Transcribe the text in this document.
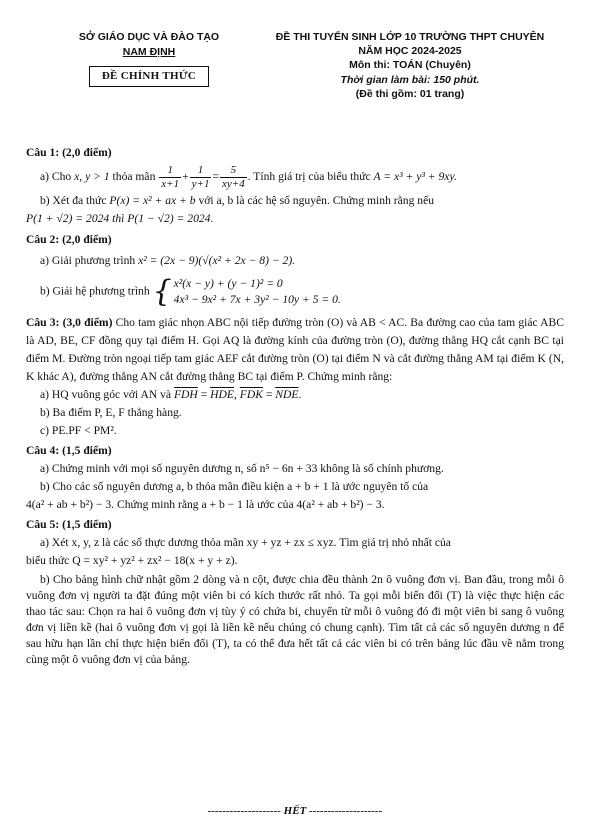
SỞ GIÁO DỤC VÀ ĐÀO TẠO
NAM ĐỊNH
ĐỀ CHÍNH THỨC
ĐỀ THI TUYỂN SINH LỚP 10 TRƯỜNG THPT CHUYÊN
NĂM HỌC 2024-2025
Môn thi: TOÁN (Chuyên)
Thời gian làm bài: 150 phút.
(Đề thi gồm: 01 trang)
Câu 1: (2,0 điểm)
a) Cho x, y > 1 thỏa mãn $\frac{1}{x+1} + \frac{1}{y+1} = \frac{5}{xy+4}$ . Tính giá trị của biểu thức A = x³ + y³ + 9xy.
b) Xét đa thức P(x) = x² + ax + b với a, b là các hệ số nguyên. Chứng minh rằng nếu
P(1 + √2) = 2024 thì P(1 − √2) = 2024.
Câu 2: (2,0 điểm)
a) Giải phương trình x² = (2x − 9)(√(x² + 2x − 8) − 2).
b) Giải hệ phương trình { x²(x − y) + (y − 1)² = 0
4x³ − 9x² + 7x + 3y² − 10y + 5 = 0.
Câu 3: (3,0 điểm) Cho tam giác nhọn ABC nội tiếp đường tròn (O) và AB < AC. Ba đường cao của tam giác ABC là AD, BE, CF đồng quy tại điểm H. Gọi AQ là đường kính của đường tròn (O), đường thẳng HQ cắt cạnh BC tại điểm M. Đường tròn ngoại tiếp tam giác AEF cắt đường tròn (O) tại điểm N và cắt đường thẳng AM tại điểm K (N, K khác A), đường thẳng AN cắt đường thẳng BC tại điểm P. Chứng minh rằng:
a) HQ vuông góc với AN và $\overline{FDH} = \overline{HDE}$, $\overline{FDK} = \overline{NDE}$.
b) Ba điểm P, E, F thẳng hàng.
c) PE.PF < PM².
Câu 4: (1,5 điểm)
a) Chứng minh với mọi số nguyên dương n, số n⁵ − 6n + 33 không là số chính phương.
b) Cho các số nguyên dương a, b thỏa mãn điều kiện a + b + 1 là ước nguyên tố của
4(a² + ab + b²) − 3. Chứng minh rằng a + b − 1 là ước của 4(a² + ab + b²) − 3.
Câu 5: (1,5 điểm)
a) Xét x, y, z là các số thực dương thỏa mãn xy + yz + zx ≤ xyz. Tìm giá trị nhỏ nhất của
biểu thức Q = xy² + yz² + zx² − 18(x + y + z).
b) Cho bảng hình chữ nhật gồm 2 dòng và n cột, được chia đều thành 2n ô vuông đơn vị. Ban đầu, trong mỗi ô vuông đơn vị người ta đặt đúng một viên bi có kích thước rất nhỏ. Ta gọi mỗi biến đổi (T) là việc thực hiện các thao tác sau: Chọn ra hai ô vuông đơn vị tùy ý có chứa bi, chuyển từ mỗi ô vuông đó đi một viên bi sang ô vuông đơn vị liền kề (hai ô vuông đơn vị gọi là liền kề nếu chúng có chung cạnh). Tìm tất cả các số nguyên dương n để sau hữu hạn lần chỉ thực hiện biến đổi (T), ta có thể đưa hết tất cả các viên bi có trên bảng lúc đầu về nằm trong cùng một ô vuông đơn vị của bảng.
-------------------- HẾT --------------------
